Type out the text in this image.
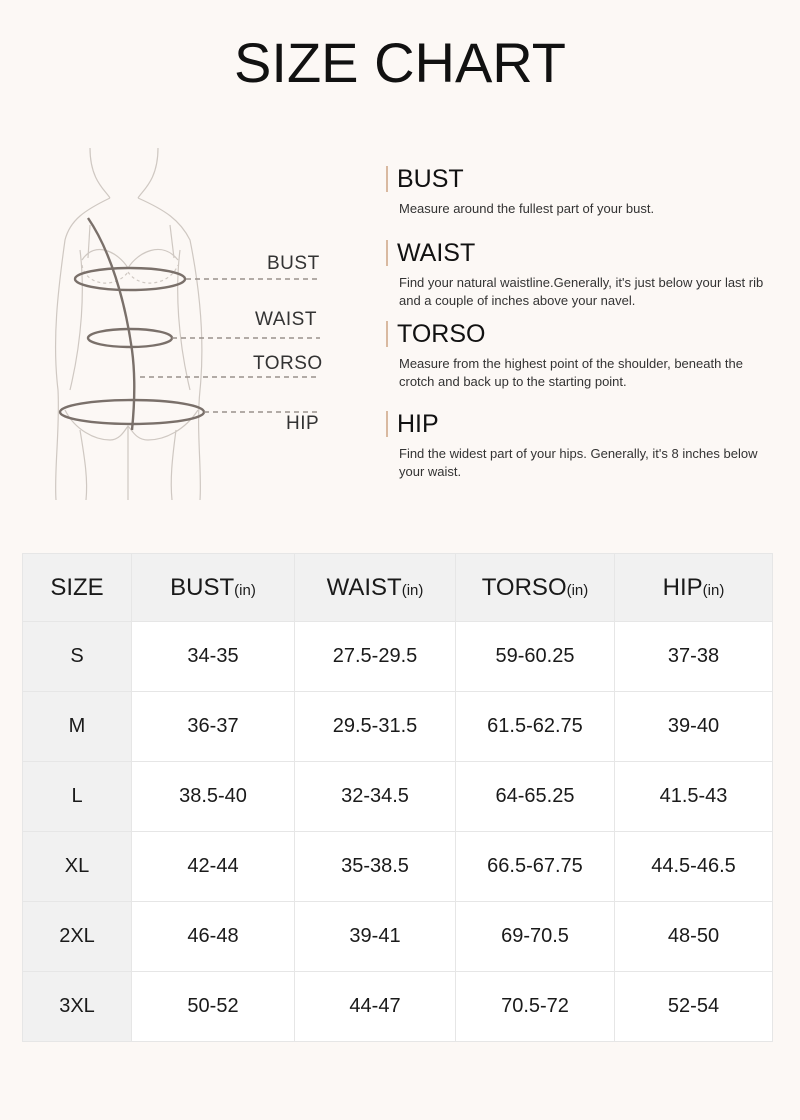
SIZE CHART
BUST
WAIST
TORSO
HIP
BUST
Measure around the fullest part of your bust.
WAIST
Find your natural waistline.Generally, it's just below your last rib and a couple of inches above your navel.
TORSO
Measure from the highest point of the shoulder, beneath the crotch and back up to the starting point.
HIP
Find the widest part of your hips. Generally, it's 8 inches below your waist.
SIZE	BUST(in)	WAIST(in)	TORSO(in)	HIP(in)
S	34-35	27.5-29.5	59-60.25	37-38
M	36-37	29.5-31.5	61.5-62.75	39-40
L	38.5-40	32-34.5	64-65.25	41.5-43
XL	42-44	35-38.5	66.5-67.75	44.5-46.5
2XL	46-48	39-41	69-70.5	48-50
3XL	50-52	44-47	70.5-72	52-54
